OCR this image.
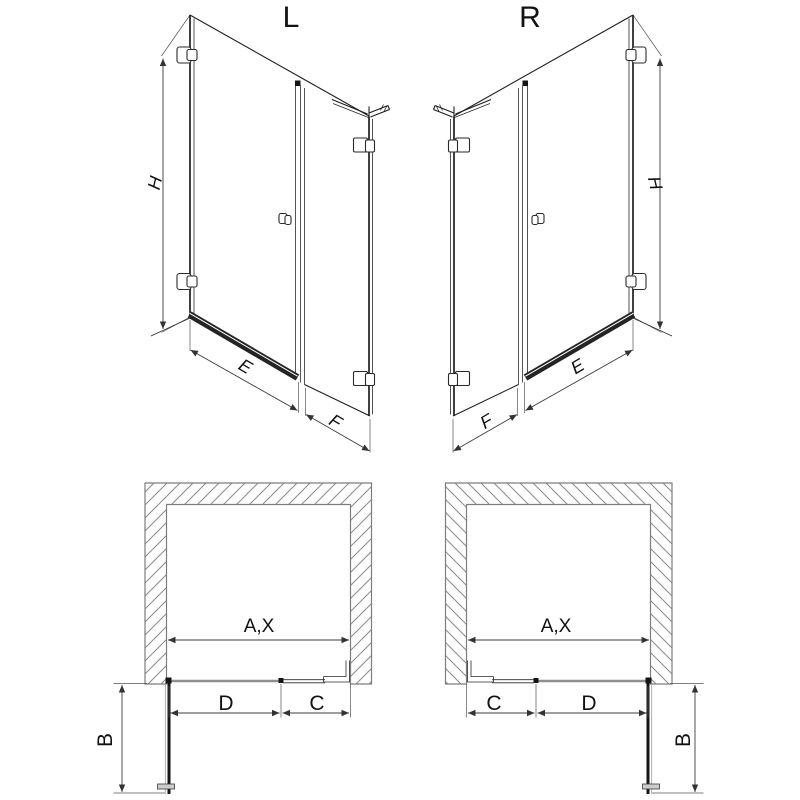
L	R
H	H
E	E
F	F
A,X	A,X
D	C
B
C	D
B
